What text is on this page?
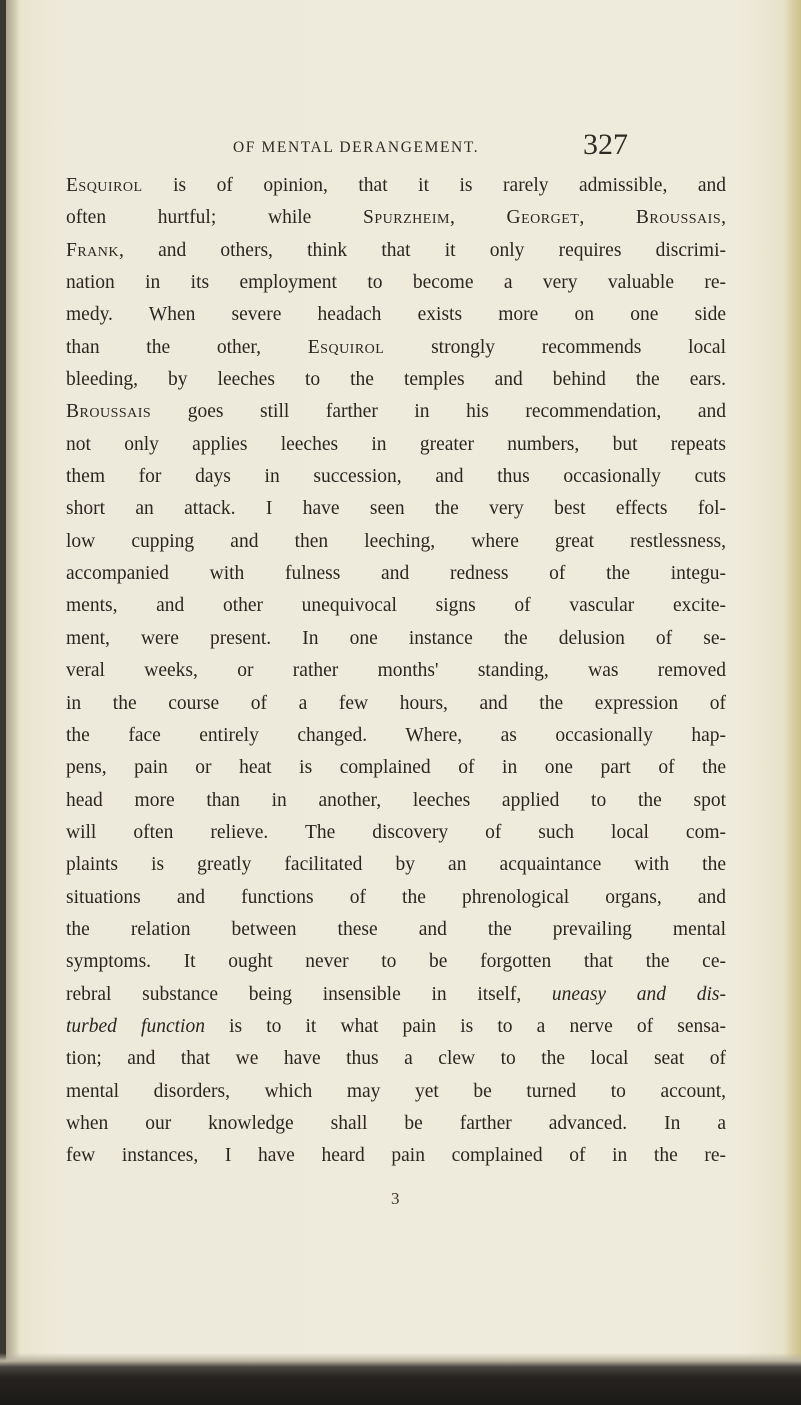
OF MENTAL DERANGEMENT.	327
Esquirol is of opinion, that it is rarely admissible, and
often hurtful; while Spurzheim, Georget, Broussais,
Frank, and others, think that it only requires discrimi-
nation in its employment to become a very valuable re-
medy. When severe headach exists more on one side
than the other, Esquirol strongly recommends local
bleeding, by leeches to the temples and behind the ears.
Broussais goes still farther in his recommendation, and
not only applies leeches in greater numbers, but repeats
them for days in succession, and thus occasionally cuts
short an attack. I have seen the very best effects fol-
low cupping and then leeching, where great restlessness,
accompanied with fulness and redness of the integu-
ments, and other unequivocal signs of vascular excite-
ment, were present. In one instance the delusion of se-
veral weeks, or rather months' standing, was removed
in the course of a few hours, and the expression of
the face entirely changed. Where, as occasionally hap-
pens, pain or heat is complained of in one part of the
head more than in another, leeches applied to the spot
will often relieve. The discovery of such local com-
plaints is greatly facilitated by an acquaintance with the
situations and functions of the phrenological organs, and
the relation between these and the prevailing mental
symptoms. It ought never to be forgotten that the ce-
rebral substance being insensible in itself, uneasy and dis-
turbed function is to it what pain is to a nerve of sensa-
tion; and that we have thus a clew to the local seat of
mental disorders, which may yet be turned to account,
when our knowledge shall be farther advanced. In a
few instances, I have heard pain complained of in the re-
3
